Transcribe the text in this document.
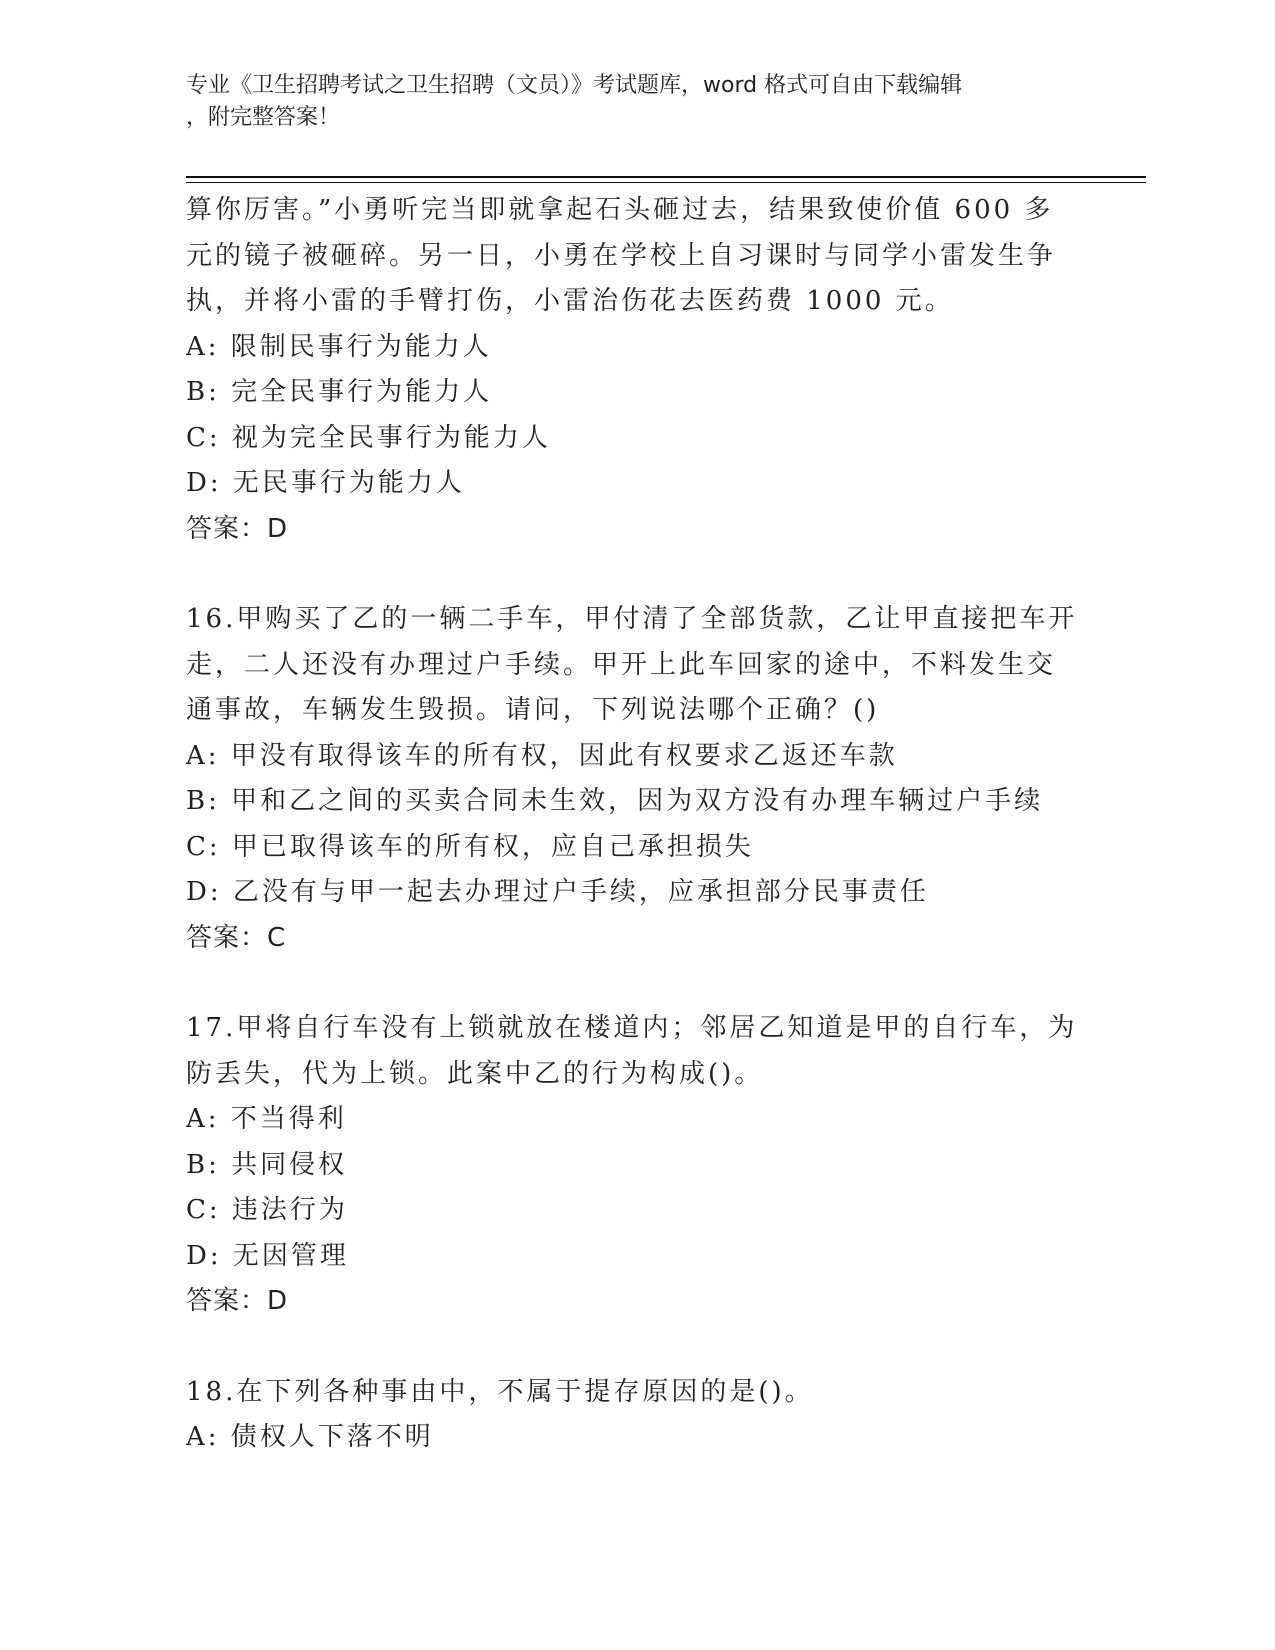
专业《卫生招聘考试之卫生招聘（文员）》考试题库，word 格式可自由下载编辑
，附完整答案！
算你厉害。”小勇听完当即就拿起石头砸过去，结果致使价值 600 多
元的镜子被砸碎。另一日，小勇在学校上自习课时与同学小雷发生争
执，并将小雷的手臂打伤，小雷治伤花去医药费 1000 元。
A: 限制民事行为能力人
B: 完全民事行为能力人
C: 视为完全民事行为能力人
D: 无民事行为能力人
答案：D
16.甲购买了乙的一辆二手车，甲付清了全部货款，乙让甲直接把车开
走，二人还没有办理过户手续。甲开上此车回家的途中，不料发生交
通事故，车辆发生毁损。请问，下列说法哪个正确？()
A: 甲没有取得该车的所有权，因此有权要求乙返还车款
B: 甲和乙之间的买卖合同未生效，因为双方没有办理车辆过户手续
C: 甲已取得该车的所有权，应自己承担损失
D: 乙没有与甲一起去办理过户手续，应承担部分民事责任
答案：C
17.甲将自行车没有上锁就放在楼道内；邻居乙知道是甲的自行车，为
防丢失，代为上锁。此案中乙的行为构成()。
A: 不当得利
B: 共同侵权
C: 违法行为
D: 无因管理
答案：D
18.在下列各种事由中，不属于提存原因的是()。
A: 债权人下落不明
